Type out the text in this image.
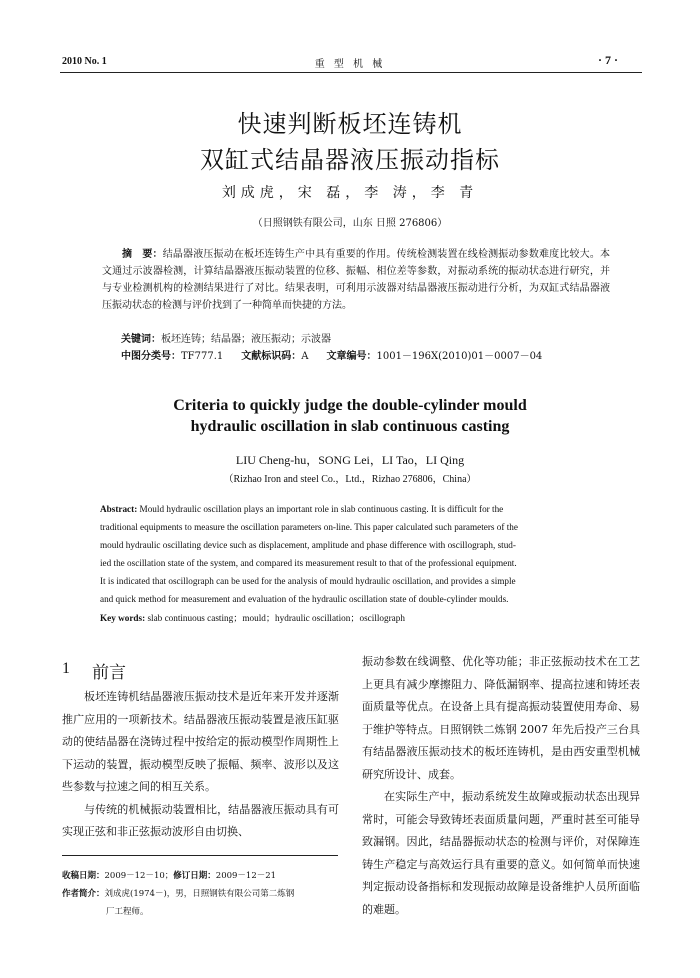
2010 No. 1	重 型 机 械	· 7 ·
快速判断板坯连铸机
双缸式结晶器液压振动指标
刘成虎，宋 磊，李 涛，李 青
（日照钢铁有限公司，山东 日照 276806）
摘　要：结晶器液压振动在板坯连铸生产中具有重要的作用。传统检测装置在线检测振动参数难度比较大。本文通过示波器检测，计算结晶器液压振动装置的位移、振幅、相位差等参数，对振动系统的振动状态进行研究，并与专业检测机构的检测结果进行了对比。结果表明，可利用示波器对结晶器液压振动进行分析，为双缸式结晶器液压振动状态的检测与评价找到了一种简单而快捷的方法。
关键词：板坯连铸；结晶器；液压振动；示波器
中图分类号：TF777.1 文献标识码：A 文章编号：1001－196X(2010)01－0007－04
Criteria to quickly judge the double-cylinder mould
hydraulic oscillation in slab continuous casting
LIU Cheng-hu，SONG Lei，LI Tao，LI Qing
（Rizhao Iron and steel Co.，Ltd.，Rizhao 276806，China）
Abstract: Mould hydraulic oscillation plays an important role in slab continuous casting. It is difficult for the
traditional equipments to measure the oscillation parameters on-line. This paper calculated such parameters of the
mould hydraulic oscillating device such as displacement, amplitude and phase difference with oscillograph, stud-
ied the oscillation state of the system, and compared its measurement result to that of the professional equipment.
It is indicated that oscillograph can be used for the analysis of mould hydraulic oscillation, and provides a simple
and quick method for measurement and evaluation of the hydraulic oscillation state of double-cylinder moulds.
Key words: slab continuous casting；mould；hydraulic oscillation；oscillograph
1 前言

板坯连铸机结晶器液压振动技术是近年来开发并逐渐推广应用的一项新技术。结晶器液压振动装置是液压缸驱动的使结晶器在浇铸过程中按给定的振动模型作周期性上下运动的装置，振动模型反映了振幅、频率、波形以及这些参数与拉速之间的相互关系。

与传统的机械振动装置相比，结晶器液压振动具有可实现正弦和非正弦振动波形自由切换、

振动参数在线调整、优化等功能；非正弦振动技术在工艺上更具有减少摩擦阻力、降低漏钢率、提高拉速和铸坯表面质量等优点。在设备上具有提高振动装置使用寿命、易于维护等特点。日照钢铁二炼钢 2007 年先后投产三台具有结晶器液压振动技术的板坯连铸机，是由西安重型机械研究所设计、成套。

在实际生产中，振动系统发生故障或振动状态出现异常时，可能会导致铸坯表面质量问题，严重时甚至可能导致漏钢。因此，结晶器振动状态的检测与评价，对保障连铸生产稳定与高效运行具有重要的意义。如何简单而快速判定振动设备指标和发现振动故障是设备维护人员所面临的难题。

收稿日期：2009－12－10；修订日期：2009－12－21
作者简介：刘成虎(1974－)，男，日照钢铁有限公司第二炼钢
厂工程师。
